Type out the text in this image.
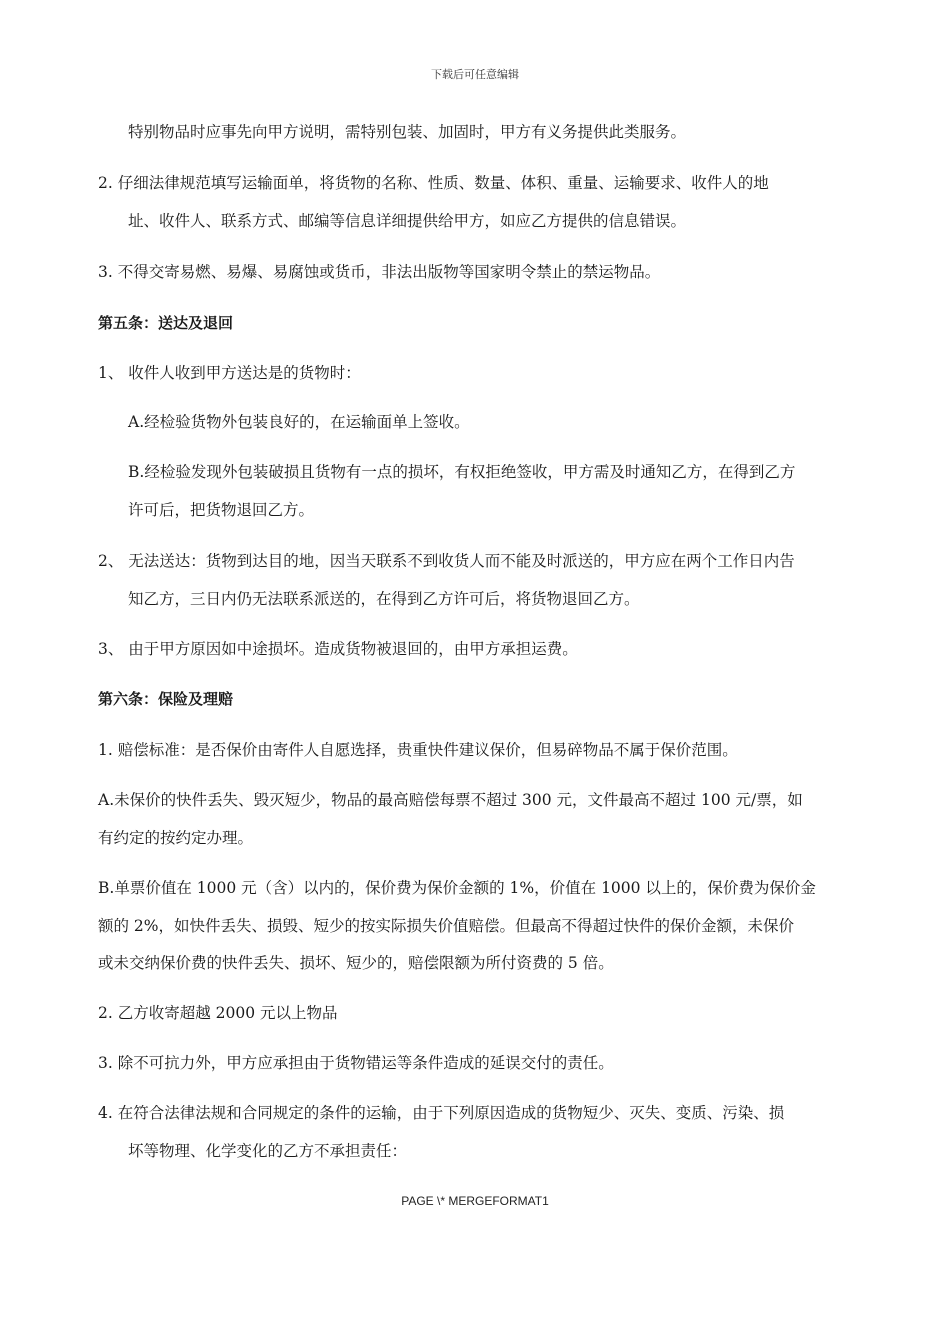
下载后可任意编辑
特别物品时应事先向甲方说明，需特别包装、加固时，甲方有义务提供此类服务。
2. 仔细法律规范填写运输面单，将货物的名称、性质、数量、体积、重量、运输要求、收件人的地
址、收件人、联系方式、邮编等信息详细提供给甲方，如应乙方提供的信息错误。
3. 不得交寄易燃、易爆、易腐蚀或货币，非法出版物等国家明令禁止的禁运物品。
第五条：送达及退回
1、 收件人收到甲方送达是的货物时：
A.经检验货物外包装良好的，在运输面单上签收。
B.经检验发现外包装破损且货物有一点的损坏，有权拒绝签收，甲方需及时通知乙方，在得到乙方
许可后，把货物退回乙方。
2、 无法送达：货物到达目的地，因当天联系不到收货人而不能及时派送的，甲方应在两个工作日内告
知乙方，三日内仍无法联系派送的，在得到乙方许可后，将货物退回乙方。
3、 由于甲方原因如中途损坏。造成货物被退回的，由甲方承担运费。
第六条：保险及理赔
1. 赔偿标准：是否保价由寄件人自愿选择，贵重快件建议保价，但易碎物品不属于保价范围。
A.未保价的快件丢失、毁灭短少，物品的最高赔偿每票不超过 300 元，文件最高不超过 100 元/票，如
有约定的按约定办理。
B.单票价值在 1000 元（含）以内的，保价费为保价金额的 1%，价值在 1000 以上的，保价费为保价金
额的 2%，如快件丢失、损毁、短少的按实际损失价值赔偿。但最高不得超过快件的保价金额，未保价
或未交纳保价费的快件丢失、损坏、短少的，赔偿限额为所付资费的 5 倍。
2. 乙方收寄超越 2000 元以上物品
3. 除不可抗力外，甲方应承担由于货物错运等条件造成的延误交付的责任。
4. 在符合法律法规和合同规定的条件的运输，由于下列原因造成的货物短少、灭失、变质、污染、损
坏等物理、化学变化的乙方不承担责任：
PAGE \* MERGEFORMAT1
